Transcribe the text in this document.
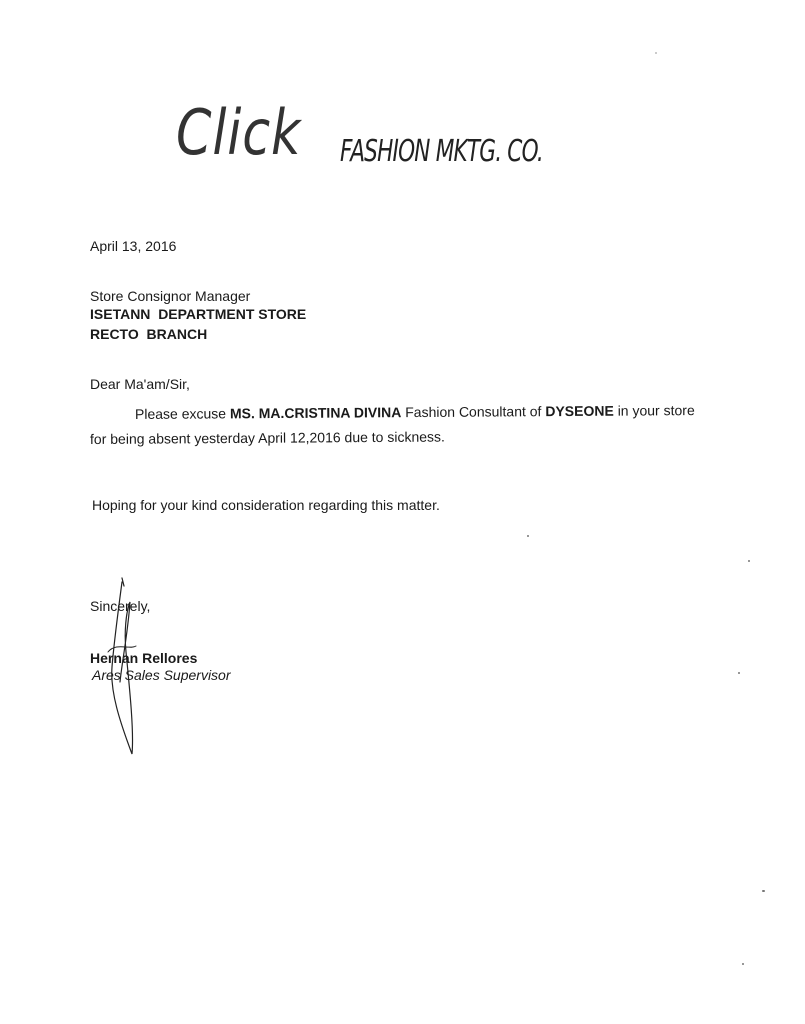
Click FASHION MKTG. CO.
April 13, 2016
Store Consignor Manager
ISETANN  DEPARTMENT STORE
RECTO  BRANCH
Dear Ma'am/Sir,
Please excuse MS. MA.CRISTINA DIVINA Fashion Consultant of DYSEONE in your store
for being absent yesterday April 12,2016 due to sickness.
Hoping for your kind consideration regarding this matter.
Sincerely,
Hernan Rellores
Ares Sales Supervisor
